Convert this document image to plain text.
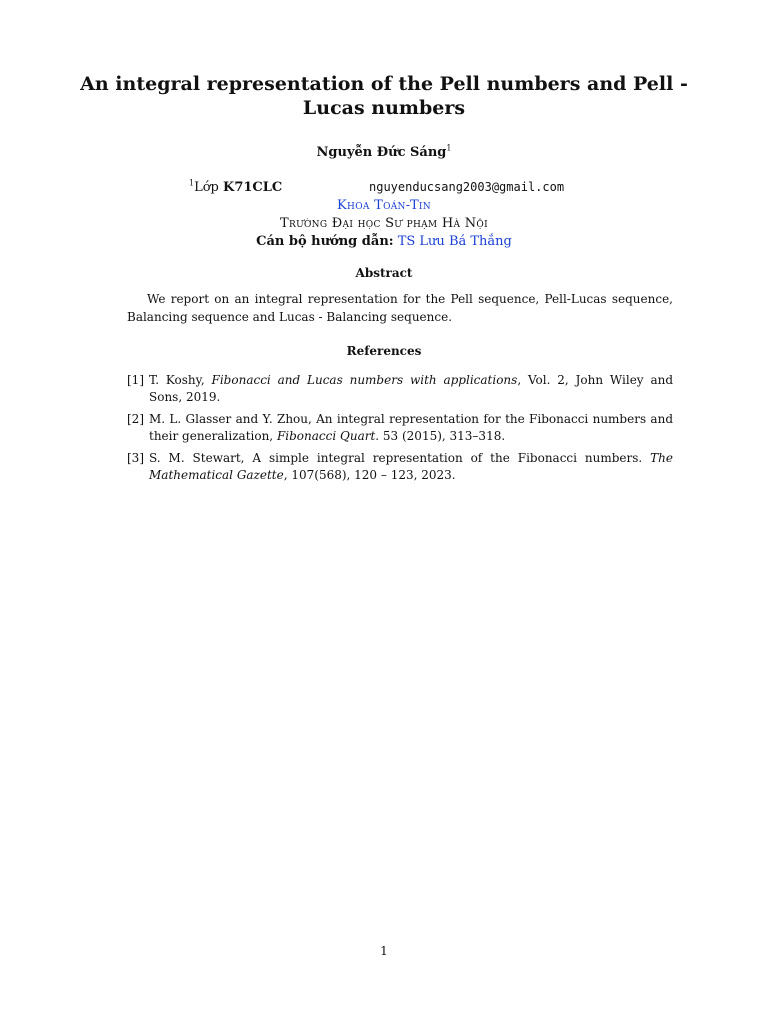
An integral representation of the Pell numbers and Pell - Lucas numbers
Nguyễn Đức Sáng$^1$
$^1$Lớp K71CLC	nguyenducsang2003@gmail.com
Khoa Toán-Tin
Trường Đại học Sư phạm Hà Nội
Cán bộ hướng dẫn: TS Lưu Bá Thắng
Abstract
We report on an integral representation for the Pell sequence, Pell-Lucas sequence, Balancing sequence and Lucas - Balancing sequence.
References
[1] T. Koshy, Fibonacci and Lucas numbers with applications, Vol. 2, John Wiley and Sons, 2019.
[2] M. L. Glasser and Y. Zhou, An integral representation for the Fibonacci numbers and their generalization, Fibonacci Quart. 53 (2015), 313–318.
[3] S. M. Stewart, A simple integral representation of the Fibonacci numbers. The Mathematical Gazette, 107(568), 120 – 123, 2023.
1
